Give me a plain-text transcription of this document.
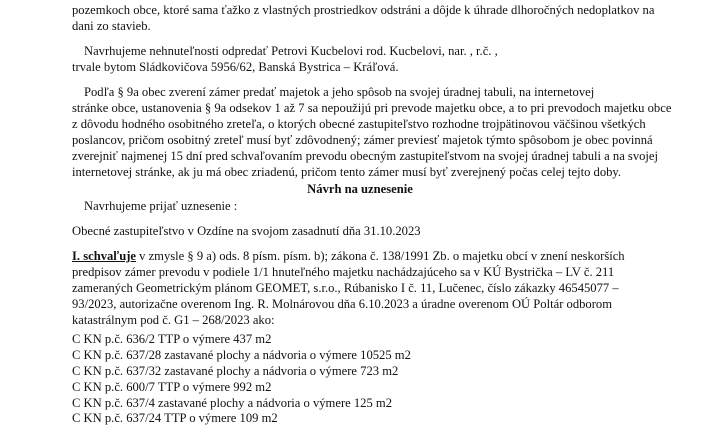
pozemkoch obce, ktoré sama ťažko z vlastných prostriedkov odstráni a dôjde k úhrade dlhoročných nedoplatkov na
dani zo stavieb.
Navrhujeme nehnuteľnosti odpredať Petrovi Kucbelovi rod. Kucbelovi, nar. , r.č. ,
trvale bytom Sládkovičova 5956/62, Banská Bystrica – Kráľová.
Podľa § 9a obec zverení zámer predať majetok a jeho spôsob na svojej úradnej tabuli, na internetovej
stránke obce, ustanovenia § 9a odsekov 1 až 7 sa nepoužijú pri prevode majetku obce, a to pri prevodoch majetku obce
z dôvodu hodného osobitného zreteľa, o ktorých obecné zastupiteľstvo rozhodne trojpätinovou väčšinou všetkých
poslancov, pričom osobitný zreteľ musí byť zdôvodnený; zámer previesť majetok týmto spôsobom je obec povinná
zverejniť najmenej 15 dní pred schvaľovaním prevodu obecným zastupiteľstvom na svojej úradnej tabuli a na svojej
internetovej stránke, ak ju má obec zriadenú, pričom tento zámer musí byť zverejnený počas celej tejto doby.
Návrh na uznesenie
Navrhujeme prijať uznesenie :
Obecné zastupiteľstvo v Ozdíne na svojom zasadnutí dňa 31.10.2023
I. schvaľuje v zmysle § 9 a) ods. 8 písm. písm. b); zákona č. 138/1991 Zb. o majetku obcí v znení neskorších
predpisov zámer prevodu v podiele 1/1 hnuteľného majetku nachádzajúceho sa v KÚ Bystrička – LV č. 211
zameraných Geometrickým plánom GEOMET, s.r.o., Rúbanisko I č. 11, Lučenec, číslo zákazky 46545077 –
93/2023, autorizačne overenom Ing. R. Molnárovou dňa 6.10.2023 a úradne overenom OÚ Poltár odborom
katastrálnym pod č. G1 – 268/2023 ako:
C KN p.č. 636/2 TTP o výmere 437 m2
C KN p.č. 637/28 zastavané plochy a nádvoria o výmere 10525 m2
C KN p.č. 637/32 zastavané plochy a nádvoria o výmere 723 m2
C KN p.č. 600/7 TTP o výmere 992 m2
C KN p.č. 637/4 zastavané plochy a nádvoria o výmere 125 m2
C KN p.č. 637/24 TTP o výmere 109 m2
